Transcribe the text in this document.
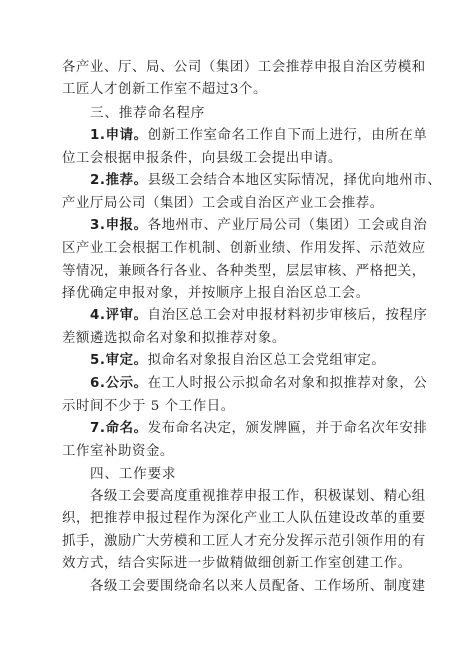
各产业、厅、局、公司（集团）工会推荐申报自治区劳模和
工匠人才创新工作室不超过3个。
三、推荐命名程序
1.申请。创新工作室命名工作自下而上进行，由所在单
位工会根据申报条件，向县级工会提出申请。
2.推荐。县级工会结合本地区实际情况，择优向地州市、
产业厅局公司（集团）工会或自治区产业工会推荐。
3.申报。各地州市、产业厅局公司（集团）工会或自治
区产业工会根据工作机制、创新业绩、作用发挥、示范效应
等情况，兼顾各行各业、各种类型，层层审核、严格把关，
择优确定申报对象，并按顺序上报自治区总工会。
4.评审。自治区总工会对申报材料初步审核后，按程序
差额遴选拟命名对象和拟推荐对象。
5.审定。拟命名对象报自治区总工会党组审定。
6.公示。在工人时报公示拟命名对象和拟推荐对象，公
示时间不少于 5 个工作日。
7.命名。发布命名决定，颁发牌匾，并于命名次年安排
工作室补助资金。
四、工作要求
各级工会要高度重视推荐申报工作，积极谋划、精心组
织，把推荐申报过程作为深化产业工人队伍建设改革的重要
抓手，激励广大劳模和工匠人才充分发挥示范引领作用的有
效方式，结合实际进一步做精做细创新工作室创建工作。
各级工会要围绕命名以来人员配备、工作场所、制度建
